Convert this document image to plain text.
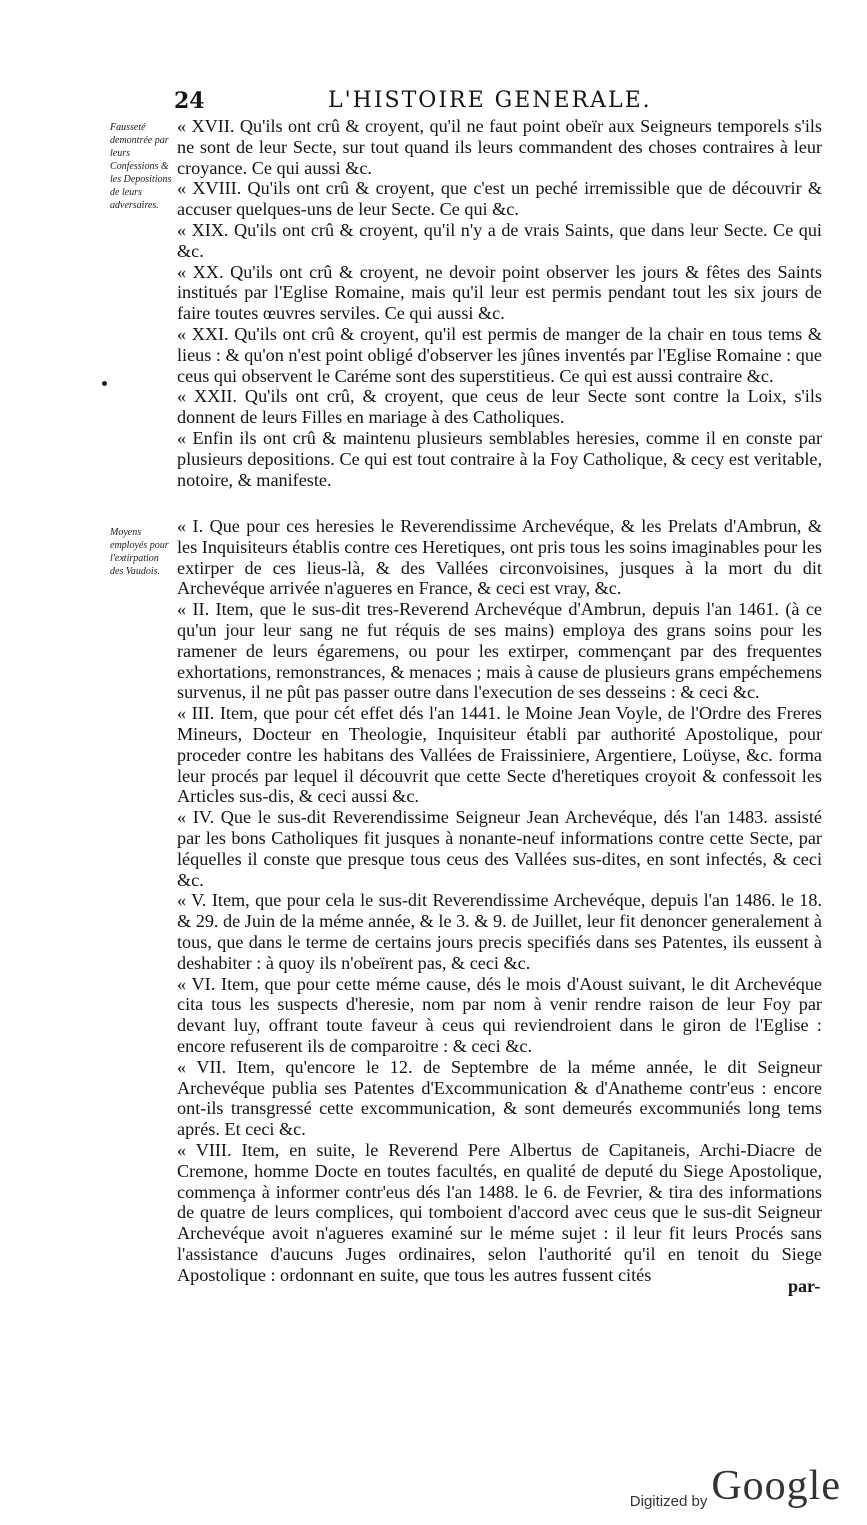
24	L'HISTOIRE GENERALE.
Fausseté demontrée par leurs Confessions & les Depositions de leurs adversaires.
Moyens employés pour l'extirpation des Vaudois.

« XVII. Qu'ils ont crû & croyent, qu'il ne faut point obeïr aux Seigneurs temporels s'ils ne sont de leur Secte, sur tout quand ils leurs commandent des choses contraires à leur croyance. Ce qui aussi &c.

« XVIII. Qu'ils ont crû & croyent, que c'est un peché irremissible que de découvrir & accuser quelques-uns de leur Secte. Ce qui &c.

« XIX. Qu'ils ont crû & croyent, qu'il n'y a de vrais Saints, que dans leur Secte. Ce qui &c.

« XX. Qu'ils ont crû & croyent, ne devoir point observer les jours & fêtes des Saints institués par l'Eglise Romaine, mais qu'il leur est permis pendant tout les six jours de faire toutes œuvres serviles. Ce qui aussi &c.

« XXI. Qu'ils ont crû & croyent, qu'il est permis de manger de la chair en tous tems & lieus : & qu'on n'est point obligé d'observer les jûnes inventés par l'Eglise Romaine : que ceus qui observent le Caréme sont des superstitieus. Ce qui est aussi contraire &c.

« XXII. Qu'ils ont crû, & croyent, que ceus de leur Secte sont contre la Loix, s'ils donnent de leurs Filles en mariage à des Catholiques.

« Enfin ils ont crû & maintenu plusieurs semblables heresies, comme il en conste par plusieurs depositions. Ce qui est tout contraire à la Foy Catholique, & cecy est veritable, notoire, & manifeste.

« I. Que pour ces heresies le Reverendissime Archevéque, & les Prelats d'Ambrun, & les Inquisiteurs établis contre ces Heretiques, ont pris tous les soins imaginables pour les extirper de ces lieus-là, & des Vallées circonvoisines, jusques à la mort du dit Archevéque arrivée n'agueres en France, & ceci est vray, &c.

« II. Item, que le sus-dit tres-Reverend Archevéque d'Ambrun, depuis l'an 1461. (à ce qu'un jour leur sang ne fut réquis de ses mains) employa des grans soins pour les ramener de leurs égaremens, ou pour les extirper, commençant par des frequentes exhortations, remonstrances, & menaces ; mais à cause de plusieurs grans empéchemens survenus, il ne pût pas passer outre dans l'execution de ses desseins : & ceci &c.

« III. Item, que pour cét effet dés l'an 1441. le Moine Jean Voyle, de l'Ordre des Freres Mineurs, Docteur en Theologie, Inquisiteur établi par authorité Apostolique, pour proceder contre les habitans des Vallées de Fraissiniere, Argentiere, Loüyse, &c. forma leur procés par lequel il découvrit que cette Secte d'heretiques croyoit & confessoit les Articles sus-dis, & ceci aussi &c.

« IV. Que le sus-dit Reverendissime Seigneur Jean Archevéque, dés l'an 1483. assisté par les bons Catholiques fit jusques à nonante-neuf informations contre cette Secte, par léquelles il conste que presque tous ceus des Vallées sus-dites, en sont infectés, & ceci &c.

« V. Item, que pour cela le sus-dit Reverendissime Archevéque, depuis l'an 1486. le 18. & 29. de Juin de la méme année, & le 3. & 9. de Juillet, leur fit denoncer generalement à tous, que dans le terme de certains jours precis specifiés dans ses Patentes, ils eussent à deshabiter : à quoy ils n'obeïrent pas, & ceci &c.

« VI. Item, que pour cette méme cause, dés le mois d'Aoust suivant, le dit Archevéque cita tous les suspects d'heresie, nom par nom à venir rendre raison de leur Foy par devant luy, offrant toute faveur à ceus qui reviendroient dans le giron de l'Eglise : encore refuserent ils de comparoitre : & ceci &c.

« VII. Item, qu'encore le 12. de Septembre de la méme année, le dit Seigneur Archevéque publia ses Patentes d'Excommunication & d'Anatheme contr'eus : encore ont-ils transgressé cette excommunication, & sont demeurés excommuniés long tems aprés. Et ceci &c.

« VIII. Item, en suite, le Reverend Pere Albertus de Capitaneis, Archi-Diacre de Cremone, homme Docte en toutes facultés, en qualité de deputé du Siege Apostolique, commença à informer contr'eus dés l'an 1488. le 6. de Fevrier, & tira des informations de quatre de leurs complices, qui tomboient d'accord avec ceus que le sus-dit Seigneur Archevéque avoit n'agueres examiné sur le méme sujet : il leur fit leurs Procés sans l'assistance d'aucuns Juges ordinaires, selon l'authorité qu'il en tenoit du Siege Apostolique : ordonnant en suite, que tous les autres fussent cités

par-
Digitized byGoogle
